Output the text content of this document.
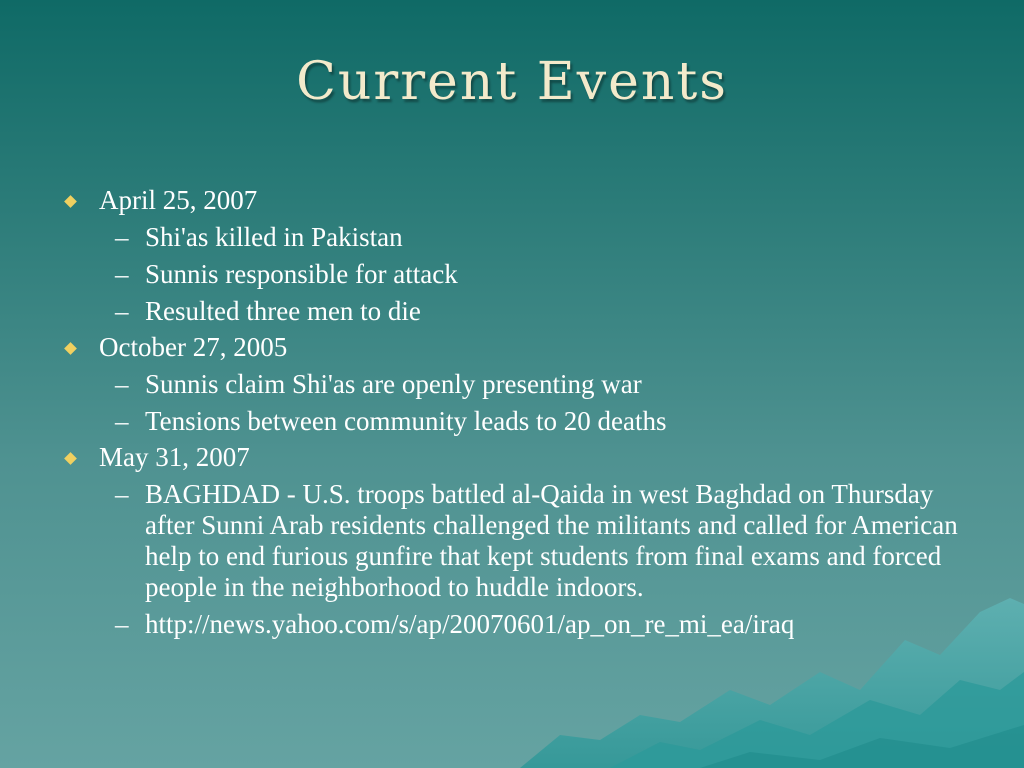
Current Events
April 25, 2007
– Shi'as killed in Pakistan
– Sunnis responsible for attack
– Resulted three men to die
October 27, 2005
– Sunnis claim Shi'as are openly presenting war
– Tensions between community leads to 20 deaths
May 31, 2007
– BAGHDAD - U.S. troops battled al-Qaida in west Baghdad on Thursday after Sunni Arab residents challenged the militants and called for American help to end furious gunfire that kept students from final exams and forced people in the neighborhood to huddle indoors.
– http://news.yahoo.com/s/ap/20070601/ap_on_re_mi_ea/iraq
